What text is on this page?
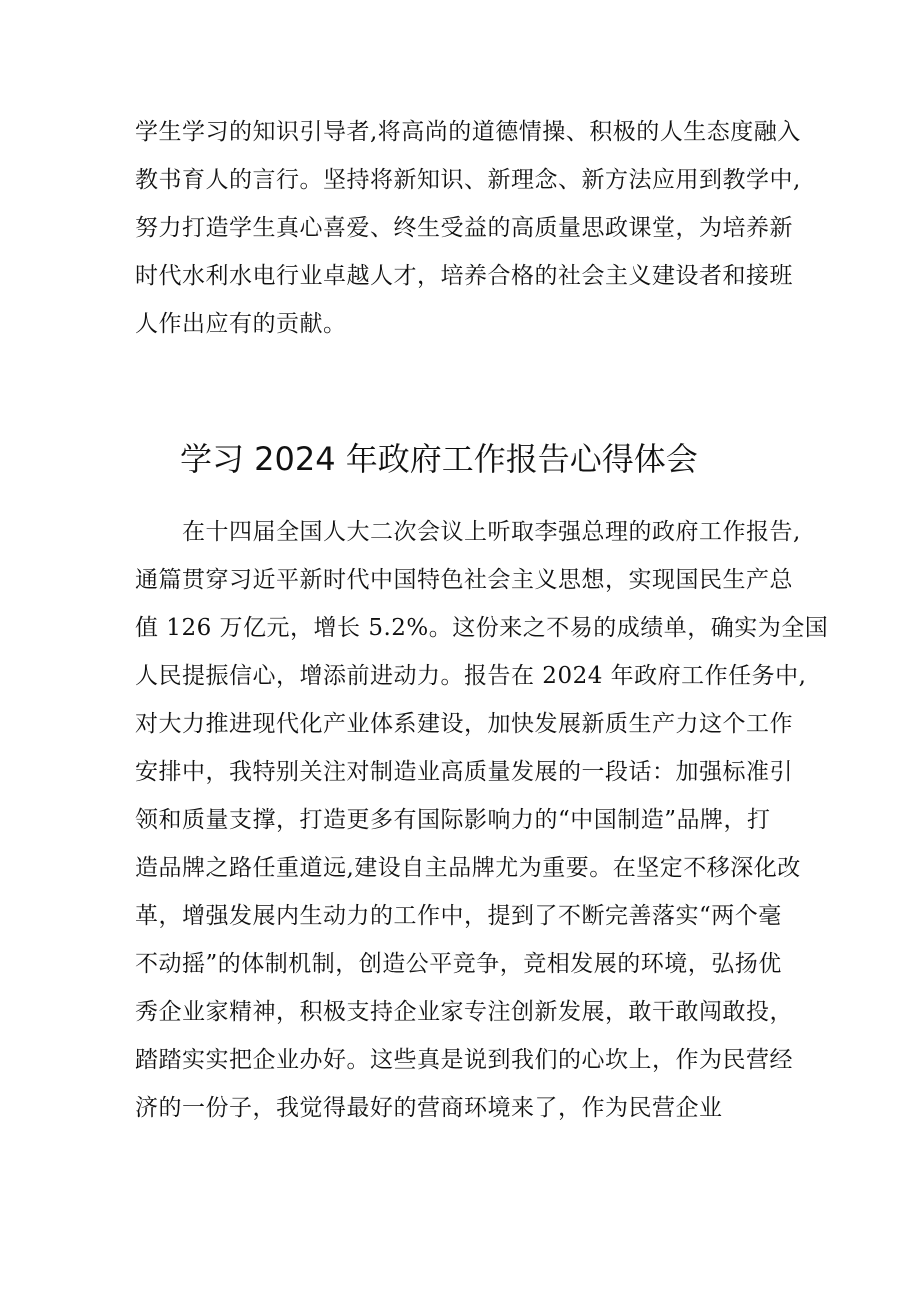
学生学习的知识引导者,将高尚的道德情操、积极的人生态度融入
教书育人的言行。坚持将新知识、新理念、新方法应用到教学中,
努力打造学生真心喜爱、终生受益的高质量思政课堂，为培养新
时代水利水电行业卓越人才，培养合格的社会主义建设者和接班
人作出应有的贡献。
学习 2024 年政府工作报告心得体会
在十四届全国人大二次会议上听取李强总理的政府工作报告,
通篇贯穿习近平新时代中国特色社会主义思想，实现国民生产总
值 126 万亿元，增长 5.2%。这份来之不易的成绩单，确实为全国
人民提振信心，增添前进动力。报告在 2024 年政府工作任务中,
对大力推进现代化产业体系建设，加快发展新质生产力这个工作
安排中，我特别关注对制造业高质量发展的一段话：加强标准引
领和质量支撑，打造更多有国际影响力的“中国制造”品牌，打
造品牌之路任重道远,建设自主品牌尤为重要。在坚定不移深化改
革，增强发展内生动力的工作中，提到了不断完善落实“两个毫
不动摇”的体制机制，创造公平竞争，竞相发展的环境，弘扬优
秀企业家精神，积极支持企业家专注创新发展，敢干敢闯敢投，
踏踏实实把企业办好。这些真是说到我们的心坎上，作为民营经
济的一份子，我觉得最好的营商环境来了，作为民营企业
